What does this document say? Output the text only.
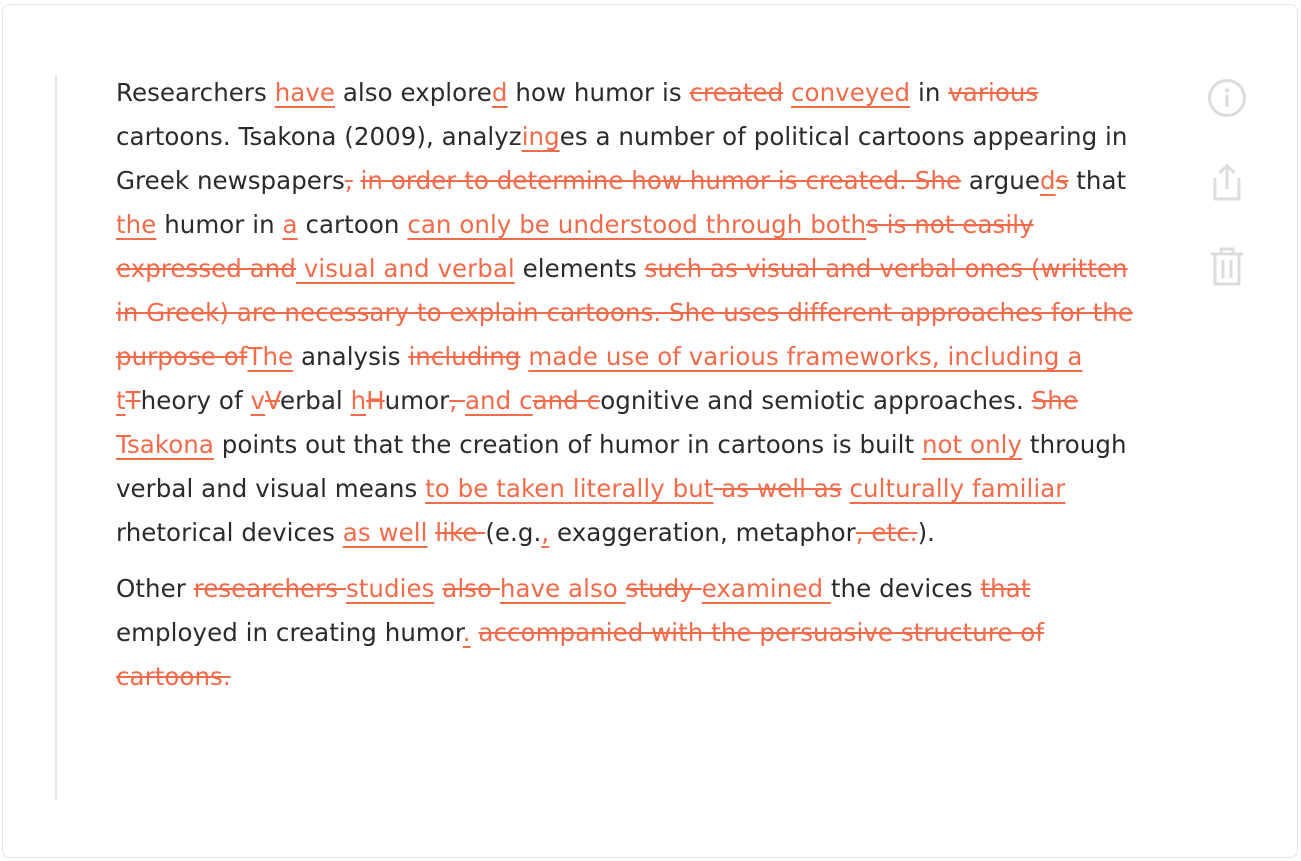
Researchers have also explored how humor is created conveyed in various cartoons. Tsakona (2009), analyzinges a number of political cartoons appearing in Greek newspapers, in order to determine how humor is created. She argueds that the humor in a cartoon can only be understood through boths is not easily expressed and visual and verbal elements such as visual and verbal ones (written in Greek) are necessary to explain cartoons. She uses different approaches for the purpose ofThe analysis including made use of various frameworks, including a tTheory of vVerbal hHumor, and cand cognitive and semiotic approaches. She Tsakona points out that the creation of humor in cartoons is built not only through verbal and visual means to be taken literally but as well as culturally familiar rhetorical devices as well like (e.g., exaggeration, metaphor, etc.).

Other researchers studies also have also study examined the devices that employed in creating humor. accompanied with the persuasive structure of cartoons.
